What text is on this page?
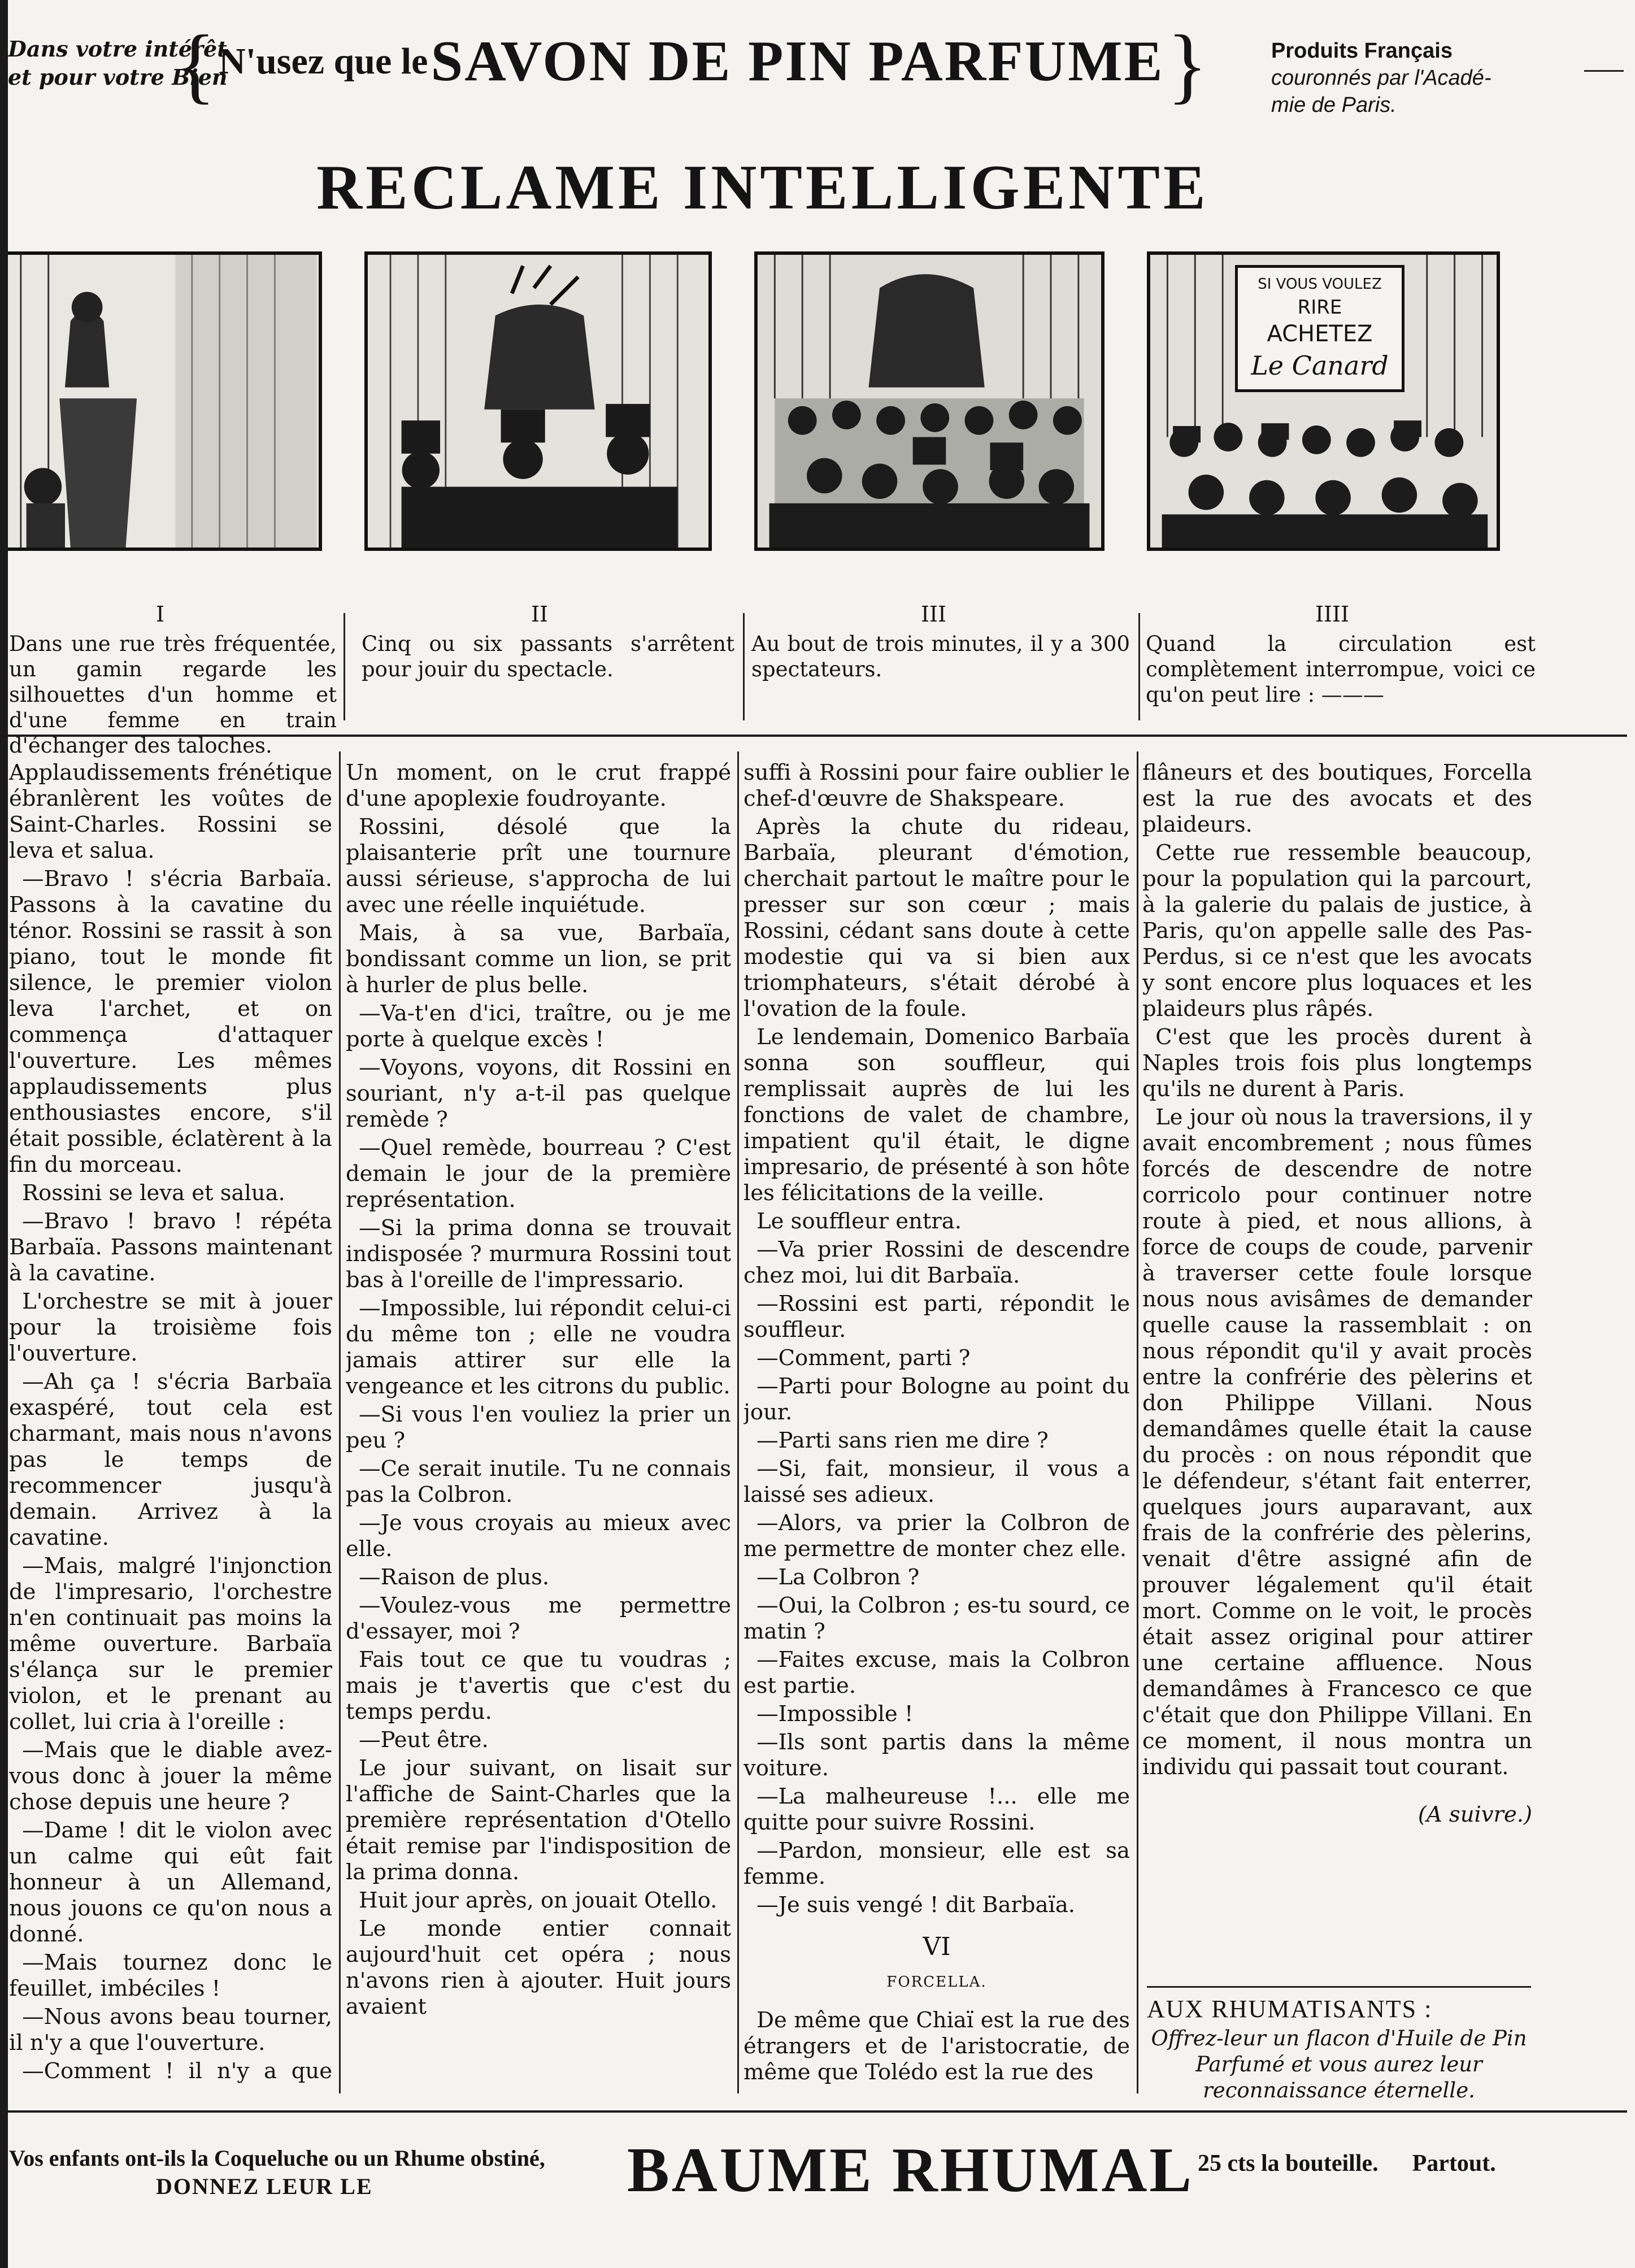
Dans votre intérêt
et pour votre Bien
{ N'usez que le SAVON DE PIN PARFUME }	Produits Français
couronnés par l'Acadé-
mie de Paris.
RECLAME INTELLIGENTE
SI VOUS VOULEZ
RIRE
ACHETEZ
Le Canard
I
Dans une rue très fréquentée, un gamin regarde les silhouettes d'un homme et d'une femme en train d'échanger des taloches.
II
Cinq ou six passants s'arrêtent pour jouir du spectacle.
III
Au bout de trois minutes, il y a 300 spectateurs.
IIII
Quand la circulation est complètement interrompue, voici ce qu'on peut lire : ———

Applaudissements frénétique ébranlèrent les voûtes de Saint-Charles. Rossini se leva et salua.

—Bravo ! s'écria Barbaïa. Passons à la cavatine du ténor. Rossini se rassit à son piano, tout le monde fit silence, le premier violon leva l'archet, et on commença d'attaquer l'ouverture. Les mêmes applaudissements plus enthousiastes encore, s'il était possible, éclatèrent à la fin du morceau.

Rossini se leva et salua.

—Bravo ! bravo ! répéta Barbaïa. Passons maintenant à la cavatine.

L'orchestre se mit à jouer pour la troisième fois l'ouverture.

—Ah ça ! s'écria Barbaïa exaspéré, tout cela est charmant, mais nous n'avons pas le temps de recommencer jusqu'à demain. Arrivez à la cavatine.

—Mais, malgré l'injonction de l'impresario, l'orchestre n'en continuait pas moins la même ouverture. Barbaïa s'élança sur le premier violon, et le prenant au collet, lui cria à l'oreille :

—Mais que le diable avez-vous donc à jouer la même chose depuis une heure ?

—Dame ! dit le violon avec un calme qui eût fait honneur à un Allemand, nous jouons ce qu'on nous a donné.

—Mais tournez donc le feuillet, imbéciles !

—Nous avons beau tourner, il n'y a que l'ouverture.

—Comment ! il n'y a que

Un moment, on le crut frappé d'une apoplexie foudroyante.

Rossini, désolé que la plaisanterie prît une tournure aussi sérieuse, s'approcha de lui avec une réelle inquiétude.

Mais, à sa vue, Barbaïa, bondissant comme un lion, se prit à hurler de plus belle.

—Va-t'en d'ici, traître, ou je me porte à quelque excès !

—Voyons, voyons, dit Rossini en souriant, n'y a-t-il pas quelque remède ?

—Quel remède, bourreau ? C'est demain le jour de la première représentation.

—Si la prima donna se trouvait indisposée ? murmura Rossini tout bas à l'oreille de l'impressario.

—Impossible, lui répondit celui-ci du même ton ; elle ne voudra jamais attirer sur elle la vengeance et les citrons du public.

—Si vous l'en vouliez la prier un peu ?

—Ce serait inutile. Tu ne connais pas la Colbron.

—Je vous croyais au mieux avec elle.

—Raison de plus.

—Voulez-vous me permettre d'essayer, moi ?

Fais tout ce que tu voudras ; mais je t'avertis que c'est du temps perdu.

—Peut être.

Le jour suivant, on lisait sur l'affiche de Saint-Charles que la première représentation d'Otello était remise par l'indisposition de la prima donna.

Huit jour après, on jouait Otello.

Le monde entier connait aujourd'huit cet opéra ; nous n'avons rien à ajouter. Huit jours avaient

suffi à Rossini pour faire oublier le chef-d'œuvre de Shakspeare.

Après la chute du rideau, Barbaïa, pleurant d'émotion, cherchait partout le maître pour le presser sur son cœur ; mais Rossini, cédant sans doute à cette modestie qui va si bien aux triomphateurs, s'était dérobé à l'ovation de la foule.

Le lendemain, Domenico Barbaïa sonna son souffleur, qui remplissait auprès de lui les fonctions de valet de chambre, impatient qu'il était, le digne impresario, de présenté à son hôte les félicitations de la veille.

Le souffleur entra.

—Va prier Rossini de descendre chez moi, lui dit Barbaïa.

—Rossini est parti, répondit le souffleur.

—Comment, parti ?

—Parti pour Bologne au point du jour.

—Parti sans rien me dire ?

—Si, fait, monsieur, il vous a laissé ses adieux.

—Alors, va prier la Colbron de me permettre de monter chez elle.

—La Colbron ?

—Oui, la Colbron ; es-tu sourd, ce matin ?

—Faites excuse, mais la Colbron est partie.

—Impossible !

—Ils sont partis dans la même voiture.

—La malheureuse !... elle me quitte pour suivre Rossini.

—Pardon, monsieur, elle est sa femme.

—Je suis vengé ! dit Barbaïa.

VI

FORCELLA.

De même que Chiaï est la rue des étrangers et de l'aristocratie, de même que Tolédo est la rue des

flâneurs et des boutiques, Forcella est la rue des avocats et des plaideurs.

Cette rue ressemble beaucoup, pour la population qui la parcourt, à la galerie du palais de justice, à Paris, qu'on appelle salle des Pas-Perdus, si ce n'est que les avocats y sont encore plus loquaces et les plaideurs plus râpés.

C'est que les procès durent à Naples trois fois plus longtemps qu'ils ne durent à Paris.

Le jour où nous la traversions, il y avait encombrement ; nous fûmes forcés de descendre de notre corricolo pour continuer notre route à pied, et nous allions, à force de coups de coude, parvenir à traverser cette foule lorsque nous nous avisâmes de demander quelle cause la rassemblait : on nous répondit qu'il y avait procès entre la confrérie des pèlerins et don Philippe Villani. Nous demandâmes quelle était la cause du procès : on nous répondit que le défendeur, s'étant fait enterrer, quelques jours auparavant, aux frais de la confrérie des pèlerins, venait d'être assigné afin de prouver légalement qu'il était mort. Comme on le voit, le procès était assez original pour attirer une certaine affluence. Nous demandâmes à Francesco ce que c'était que don Philippe Villani. En ce moment, il nous montra un individu qui passait tout courant.

(A suivre.)

AUX RHUMATISANTS :
Offrez-leur un flacon d'Huile de Pin Parfumé et vous aurez leur reconnaissance éternelle.
Vos enfants ont-ils la Coqueluche ou un Rhume obstiné,
DONNEZ LEUR LE	BAUME RHUMAL 25 cts la bouteille. Partout.
